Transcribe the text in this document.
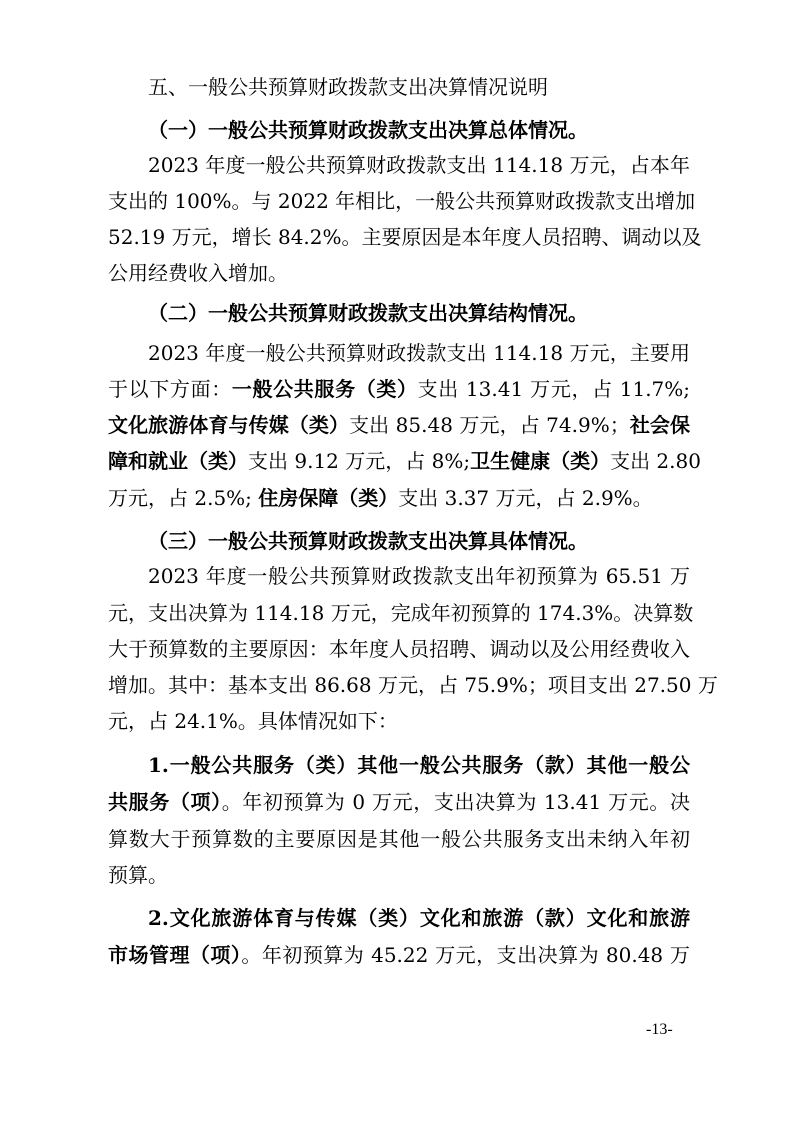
五、一般公共预算财政拨款支出决算情况说明
（一）一般公共预算财政拨款支出决算总体情况。
2023 年度一般公共预算财政拨款支出 114.18 万元，占本年
支出的 100%。与 2022 年相比，一般公共预算财政拨款支出增加
52.19 万元，增长 84.2%。主要原因是本年度人员招聘、调动以及
公用经费收入增加。
（二）一般公共预算财政拨款支出决算结构情况。
2023 年度一般公共预算财政拨款支出 114.18 万元，主要用
于以下方面：一般公共服务（类）支出 13.41 万元，占 11.7%;
文化旅游体育与传媒（类）支出 85.48 万元，占 74.9%；社会保
障和就业（类）支出 9.12 万元，占 8%;卫生健康（类）支出 2.80
万元，占 2.5%; 住房保障（类）支出 3.37 万元，占 2.9%。
（三）一般公共预算财政拨款支出决算具体情况。
2023 年度一般公共预算财政拨款支出年初预算为 65.51 万
元，支出决算为 114.18 万元，完成年初预算的 174.3%。决算数
大于预算数的主要原因：本年度人员招聘、调动以及公用经费收入
增加。其中：基本支出 86.68 万元，占 75.9%；项目支出 27.50 万
元，占 24.1%。具体情况如下：
1.一般公共服务（类）其他一般公共服务（款）其他一般公
共服务（项）。年初预算为 0 万元，支出决算为 13.41 万元。决
算数大于预算数的主要原因是其他一般公共服务支出未纳入年初
预算。
2.文化旅游体育与传媒（类）文化和旅游（款）文化和旅游
市场管理（项）。年初预算为 45.22 万元，支出决算为 80.48 万
-13-
